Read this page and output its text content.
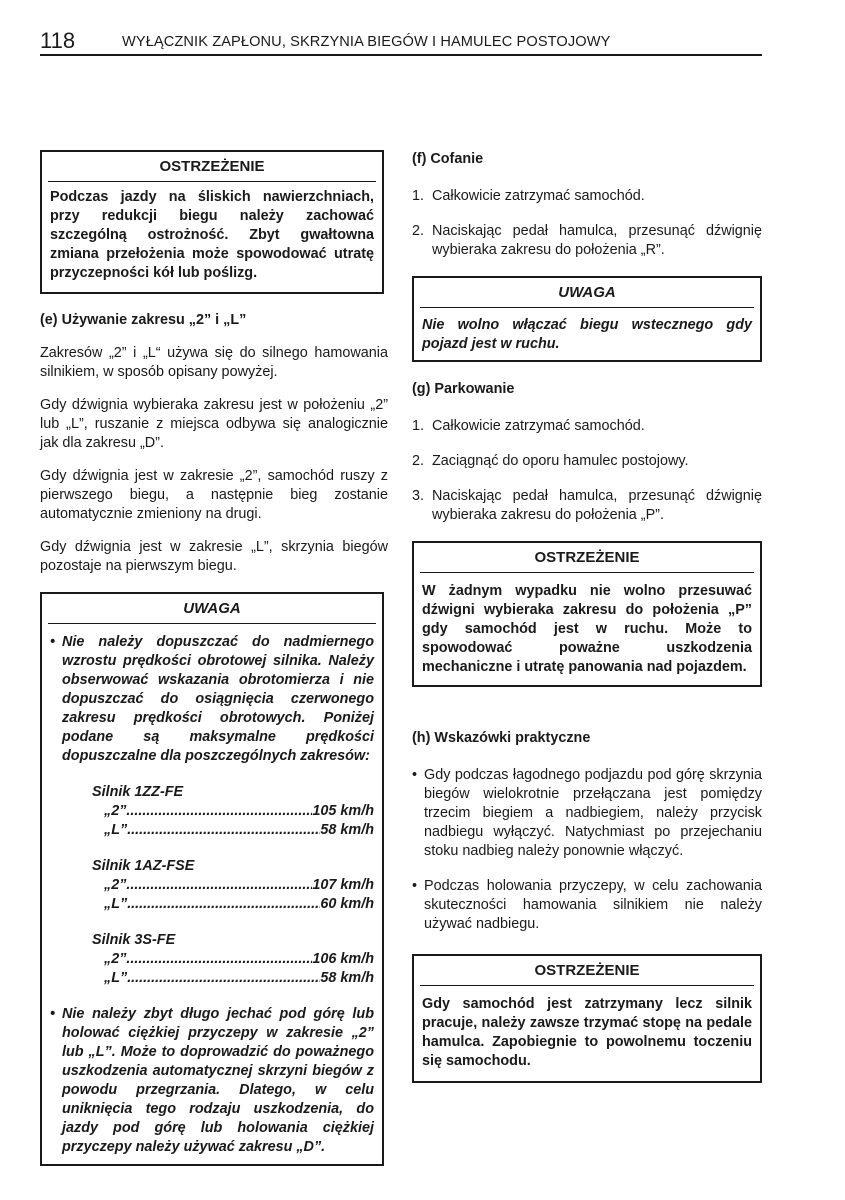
118	WYŁĄCZNIK ZAPŁONU, SKRZYNIA BIEGÓW I HAMULEC POSTOJOWY
OSTRZEŻENIE
Podczas jazdy na śliskich nawierzchniach, przy redukcji biegu należy zachować szczególną ostrożność. Zbyt gwałtowna zmiana przełożenia może spowodować utratę przyczepności kół lub poślizg.
(e) Używanie zakresu „2” i „L”

Zakresów „2” i „L“ używa się do silnego hamowania silnikiem, w sposób opisany powyżej.

Gdy dźwignia wybieraka zakresu jest w położeniu „2” lub „L”, ruszanie z miejsca odbywa się analogicznie jak dla zakresu „D”.

Gdy dźwignia jest w zakresie „2”, samochód ruszy z pierwszego biegu, a następnie bieg zostanie automatycznie zmieniony na drugi.

Gdy dźwignia jest w zakresie „L”, skrzynia biegów pozostaje na pierwszym biegu.

UWAGA
• Nie należy dopuszczać do nadmiernego wzrostu prędkości obrotowej silnika. Należy obserwować wskazania obrotomierza i nie dopuszczać do osiągnięcia czerwonego zakresu prędkości obrotowych. Poniżej podane są maksymalne prędkości dopuszczalne dla poszczególnych zakresów:
Silnik 1ZZ-FE
„2” .....	105 km/h
„L” .....	58 km/h
Silnik 1AZ-FSE
„2” .....	107 km/h
„L” .....	60 km/h
Silnik 3S-FE
„2” .....	106 km/h
„L” .....	58 km/h
• Nie należy zbyt długo jechać pod górę lub holować ciężkiej przyczepy w zakresie „2” lub „L”. Może to doprowadzić do poważnego uszkodzenia automatycznej skrzyni biegów z powodu przegrzania. Dlatego, w celu uniknięcia tego rodzaju uszkodzenia, do jazdy pod górę lub holowania ciężkiej przyczepy należy używać zakresu „D”.
(f) Cofanie
1. Całkowicie zatrzymać samochód.
2. Naciskając pedał hamulca, przesunąć dźwignię wybieraka zakresu do położenia „R”.
UWAGA
Nie wolno włączać biegu wstecznego gdy pojazd jest w ruchu.
(g) Parkowanie
1. Całkowicie zatrzymać samochód.
2. Zaciągnąć do oporu hamulec postojowy.
3. Naciskając pedał hamulca, przesunąć dźwignię wybieraka zakresu do położenia „P”.
OSTRZEŻENIE
W żadnym wypadku nie wolno przesuwać dźwigni wybieraka zakresu do położenia „P” gdy samochód jest w ruchu. Może to spowodować poważne uszkodzenia mechaniczne i utratę panowania nad pojazdem.
(h) Wskazówki praktyczne
• Gdy podczas łagodnego podjazdu pod górę skrzynia biegów wielokrotnie przełączana jest pomiędzy trzecim biegiem a nadbiegiem, należy przycisk nadbiegu wyłączyć. Natychmiast po przejechaniu stoku nadbieg należy ponownie włączyć.
• Podczas holowania przyczepy, w celu zachowania skuteczności hamowania silnikiem nie należy używać nadbiegu.
OSTRZEŻENIE
Gdy samochód jest zatrzymany lecz silnik pracuje, należy zawsze trzymać stopę na pedale hamulca. Zapobiegnie to powolnemu toczeniu się samochodu.
